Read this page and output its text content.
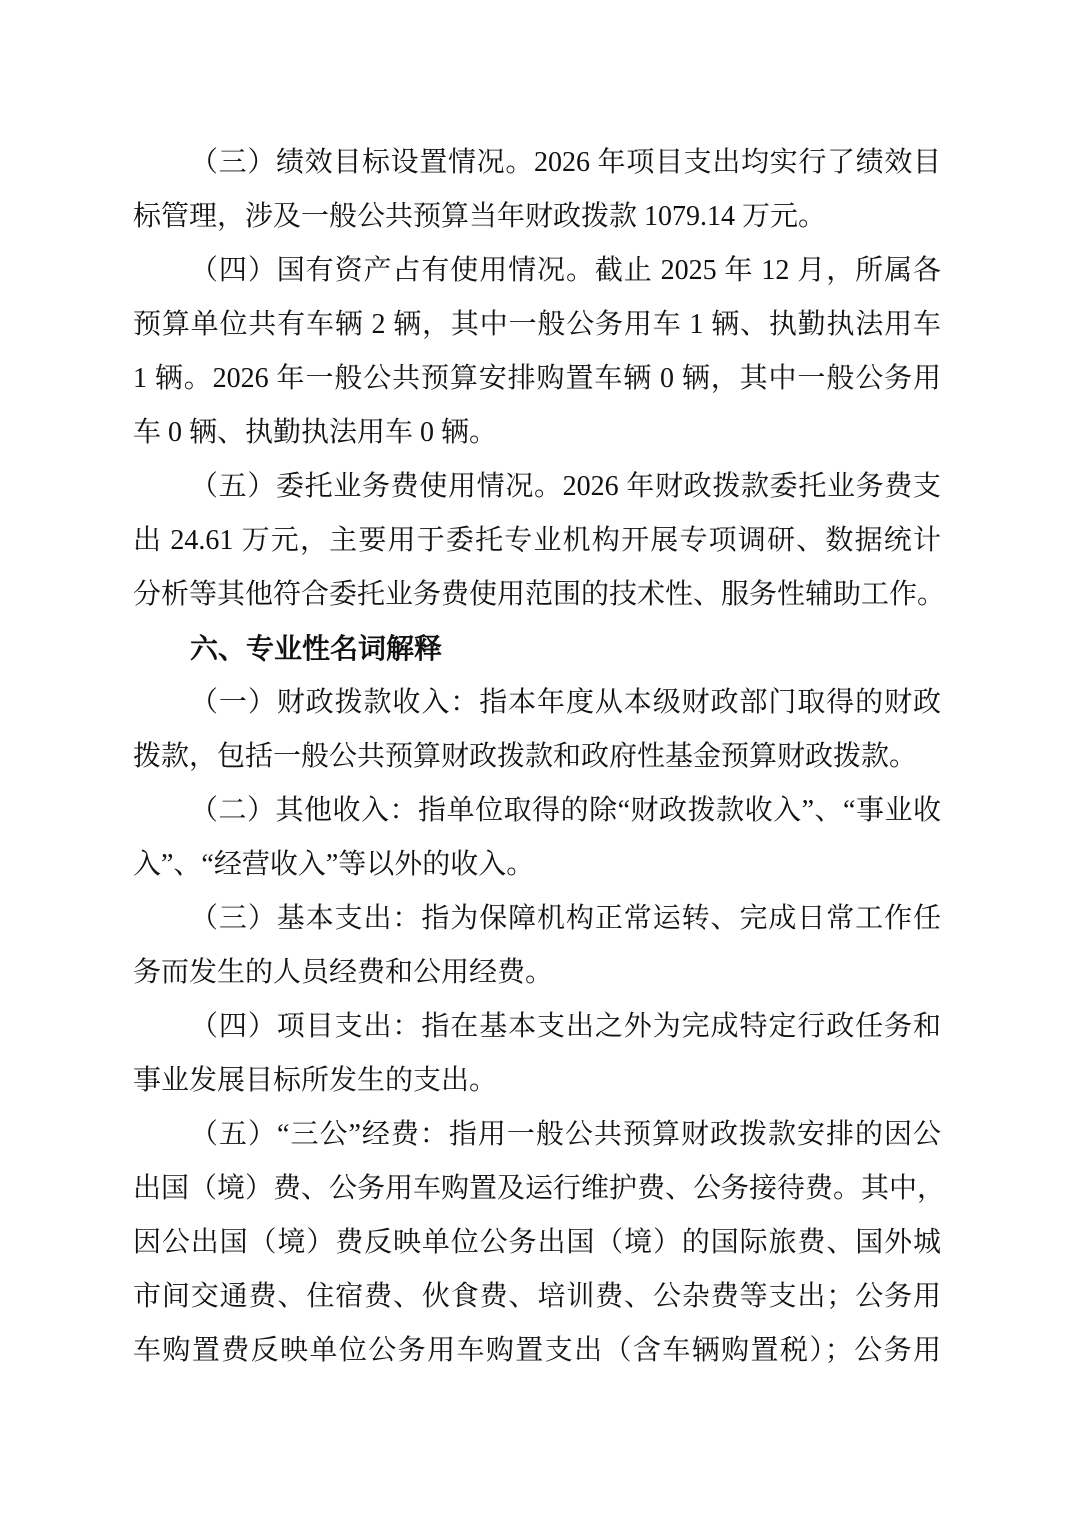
（三）绩效目标设置情况。2026 年项目支出均实行了绩效目
标管理，涉及一般公共预算当年财政拨款 1079.14 万元。
（四）国有资产占有使用情况。截止 2025 年 12 月，所属各
预算单位共有车辆 2 辆，其中一般公务用车 1 辆、执勤执法用车
1 辆。2026 年一般公共预算安排购置车辆 0 辆，其中一般公务用
车 0 辆、执勤执法用车 0 辆。
（五）委托业务费使用情况。2026 年财政拨款委托业务费支
出 24.61 万元，主要用于委托专业机构开展专项调研、数据统计
分析等其他符合委托业务费使用范围的技术性、服务性辅助工作。
六、专业性名词解释
（一）财政拨款收入：指本年度从本级财政部门取得的财政
拨款，包括一般公共预算财政拨款和政府性基金预算财政拨款。
（二）其他收入：指单位取得的除“财政拨款收入”、“事业收
入”、“经营收入”等以外的收入。
（三）基本支出：指为保障机构正常运转、完成日常工作任
务而发生的人员经费和公用经费。
（四）项目支出：指在基本支出之外为完成特定行政任务和
事业发展目标所发生的支出。
（五）“三公”经费：指用一般公共预算财政拨款安排的因公
出国（境）费、公务用车购置及运行维护费、公务接待费。其中，
因公出国（境）费反映单位公务出国（境）的国际旅费、国外城
市间交通费、住宿费、伙食费、培训费、公杂费等支出；公务用
车购置费反映单位公务用车购置支出（含车辆购置税）；公务用
